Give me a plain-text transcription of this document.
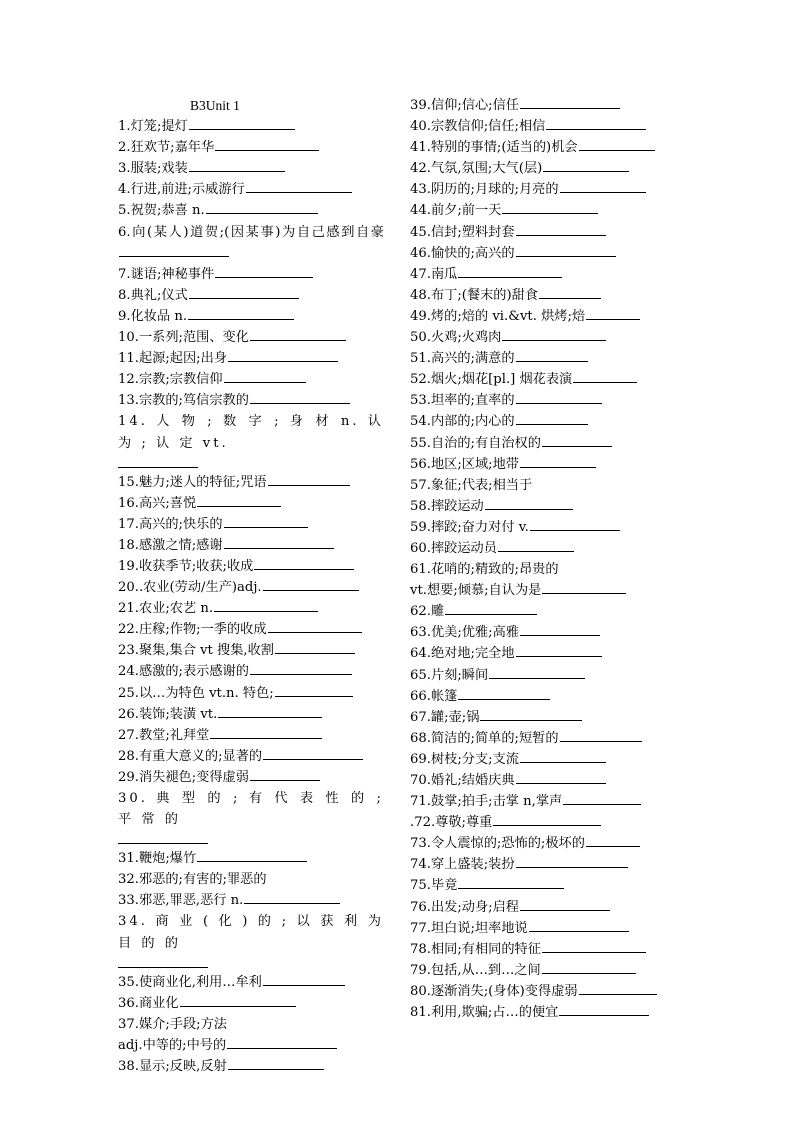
B3Unit 1
1.灯笼;提灯
2.狂欢节;嘉年华
3.服装;戏装
4.行进,前进;示威游行
5.祝贺;恭喜 n.
6.向(某人)道贺;(因某事)为自己感到自豪
7.谜语;神秘事件
8.典礼;仪式
9.化妆品 n.
10.一系列;范围、变化
11.起源;起因;出身
12.宗教;宗教信仰
13.宗教的;笃信宗教的
14. 人 物 ; 数 字 ; 身 材 n. 认 为 ; 认 定 vt.
15.魅力;迷人的特征;咒语
16.高兴;喜悦
17.高兴的;快乐的
18.感激之情;感谢
19.收获季节;收获;收成
20..农业(劳动/生产)adj.
21.农业;农艺 n.
22.庄稼;作物;一季的收成
23.聚集,集合 vt 搜集,收割
24.感激的;表示感谢的
25.以…为特色 vt.n. 特色;
26.装饰;装潢 vt.
27.教堂;礼拜堂
28.有重大意义的;显著的
29.消失褪色;变得虚弱
30. 典 型 的 ; 有 代 表 性 的 ; 平 常 的
31.鞭炮;爆竹
32.邪恶的;有害的;罪恶的
33.邪恶,罪恶,恶行 n.
34. 商 业 ( 化 ) 的 ; 以 获 利 为 目 的 的
35.使商业化,利用…牟利
36.商业化
37.媒介;手段;方法
adj.中等的;中号的
38.显示;反映,反射
39.信仰;信心;信任
40.宗教信仰;信任;相信
41.特别的事情;(适当的)机会
42.气氛,氛围;大气(层)
43.阴历的;月球的;月亮的
44.前夕;前一天
45.信封;塑料封套
46.愉快的;高兴的
47.南瓜
48.布丁;(餐末的)甜食
49.烤的;焙的 vi.&vt. 烘烤;焙
50.火鸡;火鸡肉
51.高兴的;满意的
52.烟火;烟花[pl.] 烟花表演
53.坦率的;直率的
54.内部的;内心的
55.自治的;有自治权的
56.地区;区域;地带
57.象征;代表;相当于
58.摔跤运动
59.摔跤;奋力对付 v.
60.摔跤运动员
61.花哨的;精致的;昂贵的
vt.想要;倾慕;自认为是
62.雕
63.优美;优雅;高雅
64.绝对地;完全地
65.片刻;瞬间
66.帐篷
67.罐;壶;锅
68.简洁的;简单的;短暂的
69.树枝;分支;支流
70.婚礼;结婚庆典
71.鼓掌;拍手;击掌 n,掌声
.72.尊敬;尊重
73.令人震惊的;恐怖的;极坏的
74.穿上盛装;装扮
75.毕竟
76.出发;动身;启程
77.坦白说;坦率地说
78.相同;有相同的特征
79.包括,从…到…之间
80.逐渐消失;(身体)变得虚弱
81.利用,欺骗;占…的便宜
